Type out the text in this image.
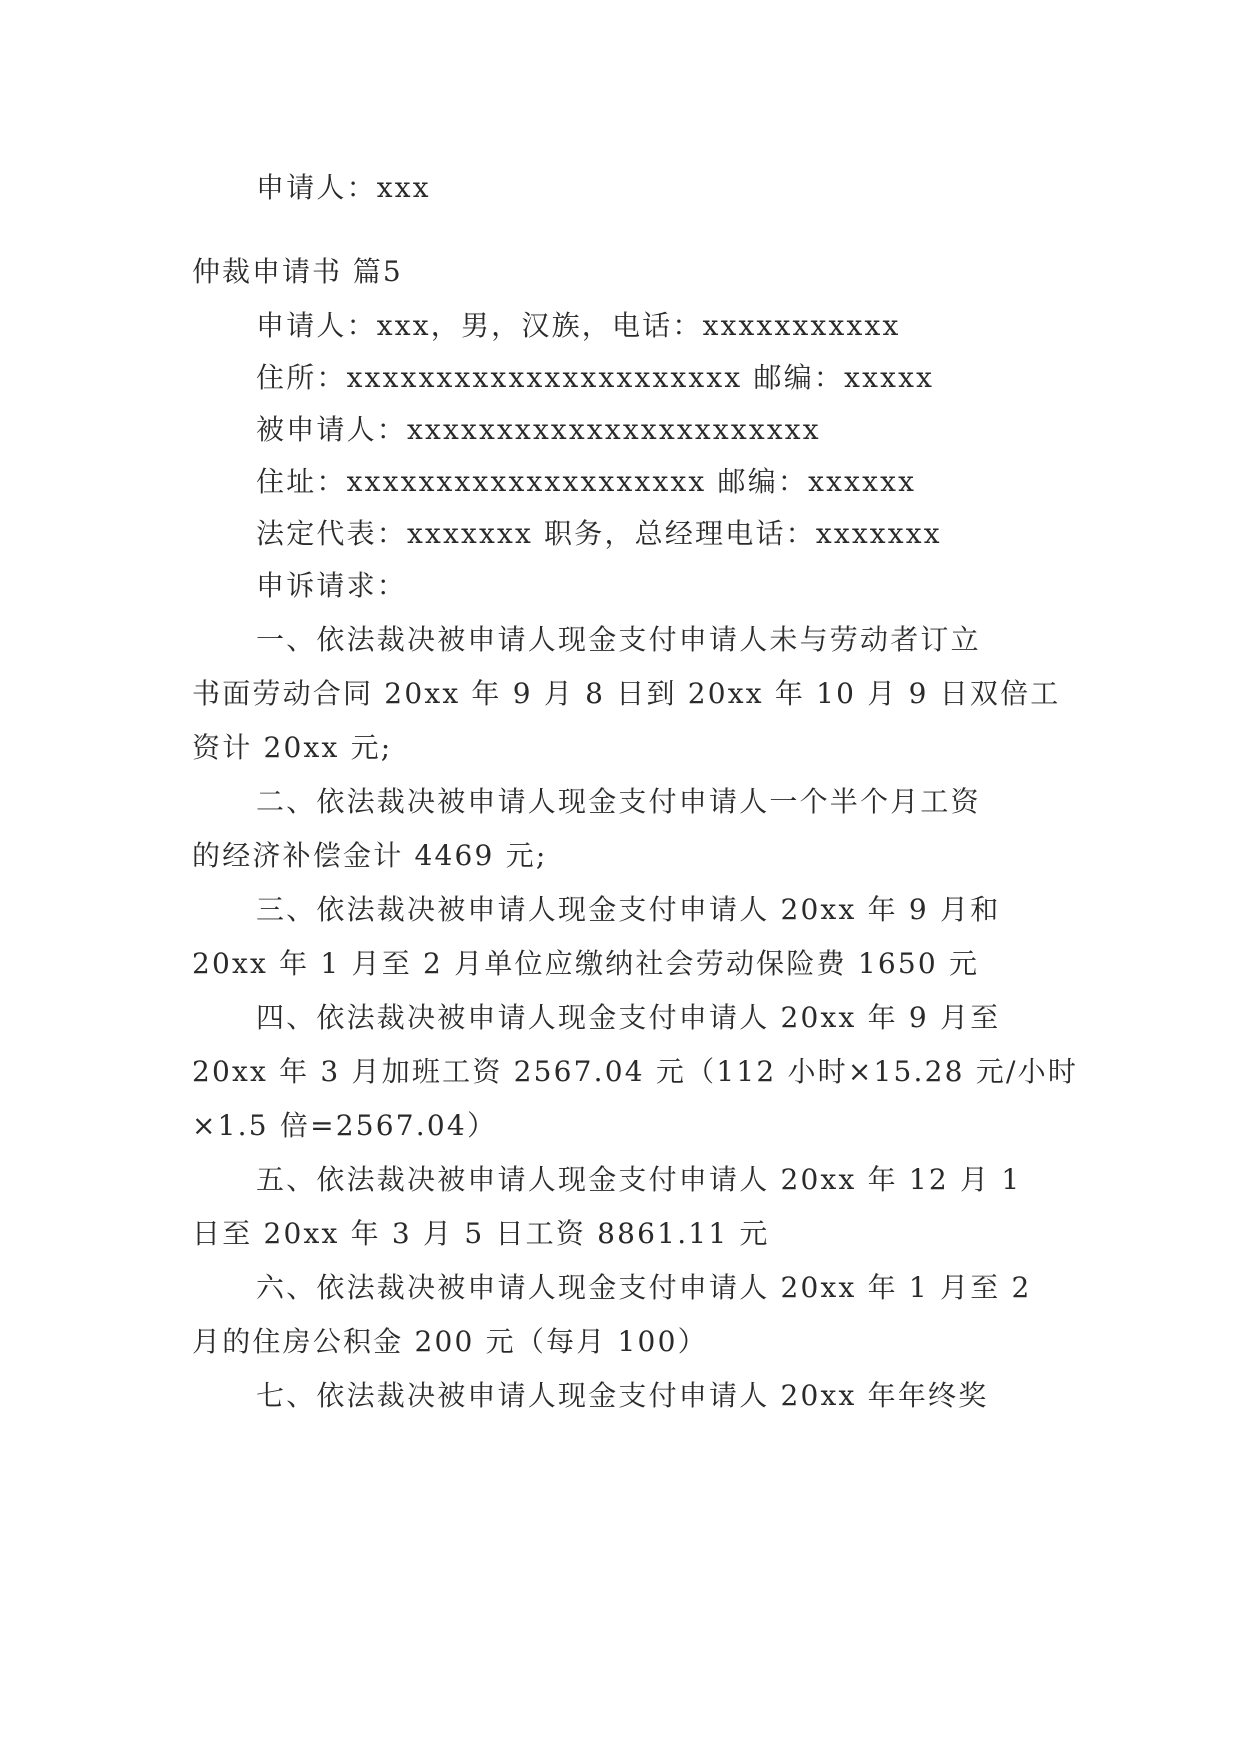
申请人：xxx

仲裁申请书 篇5

申请人：xxx，男，汉族，电话：xxxxxxxxxxx

住所：xxxxxxxxxxxxxxxxxxxxxx 邮编：xxxxx

被申请人：xxxxxxxxxxxxxxxxxxxxxxx

住址：xxxxxxxxxxxxxxxxxxxx 邮编：xxxxxx

法定代表：xxxxxxx 职务，总经理电话：xxxxxxx

申诉请求：

一、依法裁决被申请人现金支付申请人未与劳动者订立

书面劳动合同 20xx 年 9 月 8 日到 20xx 年 10 月 9 日双倍工

资计 20xx 元;

二、依法裁决被申请人现金支付申请人一个半个月工资

的经济补偿金计 4469 元;

三、依法裁决被申请人现金支付申请人 20xx 年 9 月和

20xx 年 1 月至 2 月单位应缴纳社会劳动保险费 1650 元

四、依法裁决被申请人现金支付申请人 20xx 年 9 月至

20xx 年 3 月加班工资 2567.04 元（112 小时×15.28 元/小时

×1.5 倍=2567.04）

五、依法裁决被申请人现金支付申请人 20xx 年 12 月 1

日至 20xx 年 3 月 5 日工资 8861.11 元

六、依法裁决被申请人现金支付申请人 20xx 年 1 月至 2

月的住房公积金 200 元（每月 100）

七、依法裁决被申请人现金支付申请人 20xx 年年终奖
